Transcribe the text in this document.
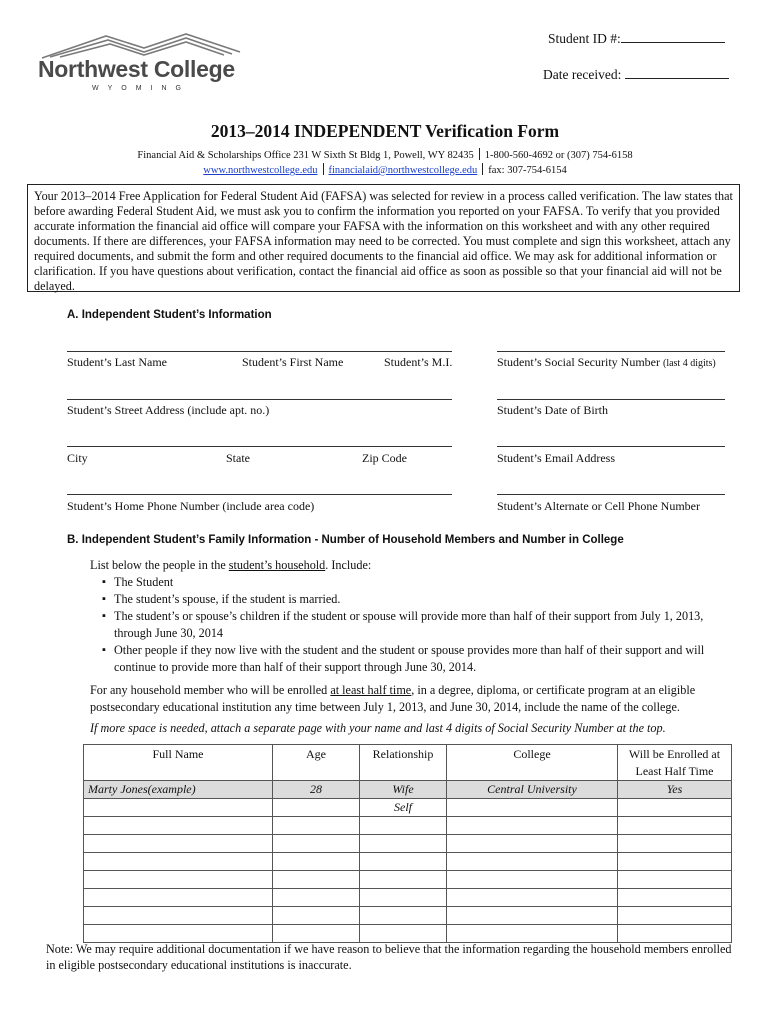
Northwest College
WYOMING
Student ID #:
Date received:
2013–2014 INDEPENDENT Verification Form
Financial Aid & Scholarships Office 231 W Sixth St Bldg 1, Powell, WY 82435 1-800-560-4692 or (307) 754-6158
www.northwestcollege.edu financialaid@northwestcollege.edu fax: 307-754-6154
Your 2013–2014 Free Application for Federal Student Aid (FAFSA) was selected for review in a process called verification. The law states that before awarding Federal Student Aid, we must ask you to confirm the information you reported on your FAFSA. To verify that you provided accurate information the financial aid office will compare your FAFSA with the information on this worksheet and with any other required documents. If there are differences, your FAFSA information may need to be corrected. You must complete and sign this worksheet, attach any required documents, and submit the form and other required documents to the financial aid office. We may ask for additional information or clarification. If you have questions about verification, contact the financial aid office as soon as possible so that your financial aid will not be delayed.
A. Independent Student’s Information
Student’s Last Name	Student’s First Name	Student’s M.I.	Student’s Social Security Number (last 4 digits)
Student’s Street Address (include apt. no.)	Student’s Date of Birth
City	State	Zip Code	Student’s Email Address
Student’s Home Phone Number (include area code)	Student’s Alternate or Cell Phone Number
B. Independent Student’s Family Information - Number of Household Members and Number in College
List below the people in the student’s household. Include:
▪ The Student
▪ The student’s spouse, if the student is married.
▪ The student’s or spouse’s children if the student or spouse will provide more than half of their support from July 1, 2013, through June 30, 2014
▪ Other people if they now live with the student and the student or spouse provides more than half of their support and will continue to provide more than half of their support through June 30, 2014.
For any household member who will be enrolled at least half time, in a degree, diploma, or certificate program at an eligible postsecondary educational institution any time between July 1, 2013, and June 30, 2014, include the name of the college.
If more space is needed, attach a separate page with your name and last 4 digits of Social Security Number at the top.
Full Name	Age	Relationship	College	Will be Enrolled at Least Half Time
Marty Jones(example)	28	Wife	Central University	Yes
		Self		

Note: We may require additional documentation if we have reason to believe that the information regarding the household members enrolled in eligible postsecondary educational institutions is inaccurate.
